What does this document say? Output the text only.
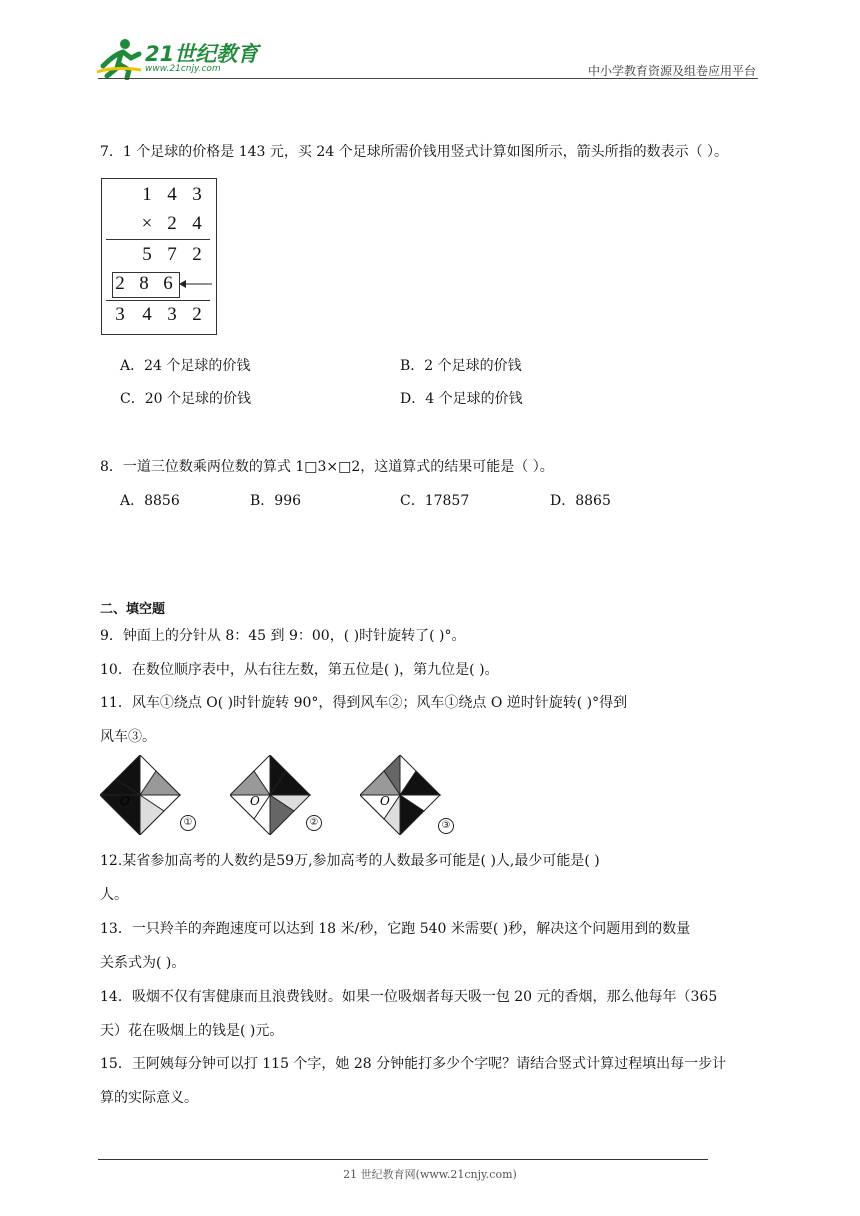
21世纪教育
www.21cnjy.com	中小学教育资源及组卷应用平台
7．1 个足球的价格是 143 元，买 24 个足球所需价钱用竖式计算如图所示，箭头所指的数表示（ ）。
1 4 3
× 2 4
5 7 2
2 8 6
3 4 3 2
A．24 个足球的价钱	B．2 个足球的价钱
C．20 个足球的价钱	D．4 个足球的价钱
8．一道三位数乘两位数的算式 1□3×□2，这道算式的结果可能是（ ）。
A．8856	B．996	C．17857	D．8865
二、填空题
9．钟面上的分针从 8：45 到 9：00，( )时针旋转了( )°。
10．在数位顺序表中，从右往左数，第五位是( )，第九位是( )。
11．风车①绕点 O( )时针旋转 90°，得到风车②；风车①绕点 O 逆时针旋转( )°得到
风车③。
O
①
O
②
O
③
12.某省参加高考的人数约是59万,参加高考的人数最多可能是( )人,最少可能是( )
人。
13．一只羚羊的奔跑速度可以达到 18 米/秒，它跑 540 米需要( )秒，解决这个问题用到的数量
关系式为( )。
14．吸烟不仅有害健康而且浪费钱财。如果一位吸烟者每天吸一包 20 元的香烟，那么他每年（365
天）花在吸烟上的钱是( )元。
15．王阿姨每分钟可以打 115 个字，她 28 分钟能打多少个字呢？请结合竖式计算过程填出每一步计
算的实际意义。
21 世纪教育网(www.21cnjy.com)
